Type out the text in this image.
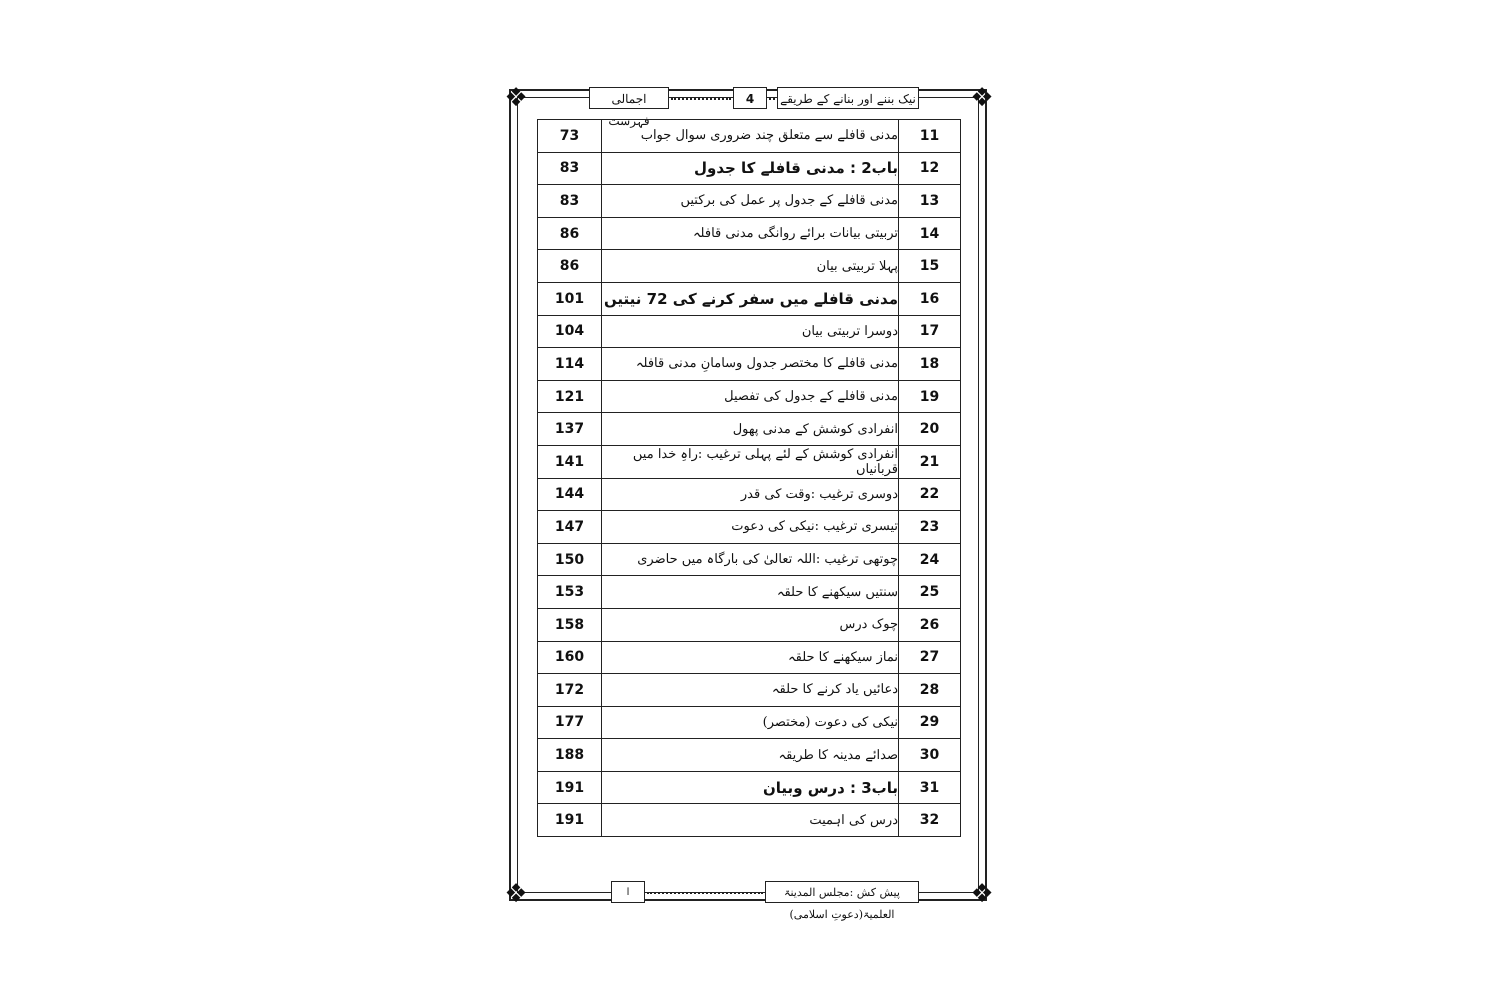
❖	❖
❖	❖
اجمالی فہرست
4	نیک بننے اور بنانے کے طریقے
73	مدنی قافلے سے متعلق چند ضروری سوال جواب	11
83	باب2 : مدنی قافلے کا جدول	12
83	مدنی قافلے کے جدول پر عمل کی برکتیں	13
86	تربیتی بیانات برائے روانگی مدنی قافلہ	14
86	پہلا تربیتی بیان	15
101	مدنی قافلے میں سفر کرنے کی 72 نیتیں	16
104	دوسرا تربیتی بیان	17
114	مدنی قافلے کا مختصر جدول وسامانِ مدنی قافلہ	18
121	مدنی قافلے کے جدول کی تفصیل	19
137	انفرادی کوشش کے مدنی پھول	20
141	انفرادی کوشش کے لئے پہلی ترغیب :راہِ خدا میں قربانیاں	21
144	دوسری ترغیب :وقت کی قدر	22
147	تیسری ترغیب :نیکی کی دعوت	23
150	چوتھی ترغیب :اللہ تعالیٰ کی بارگاہ میں حاضری	24
153	سنتیں سیکھنے کا حلقہ	25
158	چوک درس	26
160	نماز سیکھنے کا حلقہ	27
172	دعائیں یاد کرنے کا حلقہ	28
177	نیکی کی دعوت (مختصر)	29
188	صدائے مدینہ کا طریقہ	30
191	باب3 : درس وبیان	31
191	درس کی اہمیت	32
ا	پیش کش :مجلس المدینۃ العلمیۃ(دعوتِ اسلامی)
